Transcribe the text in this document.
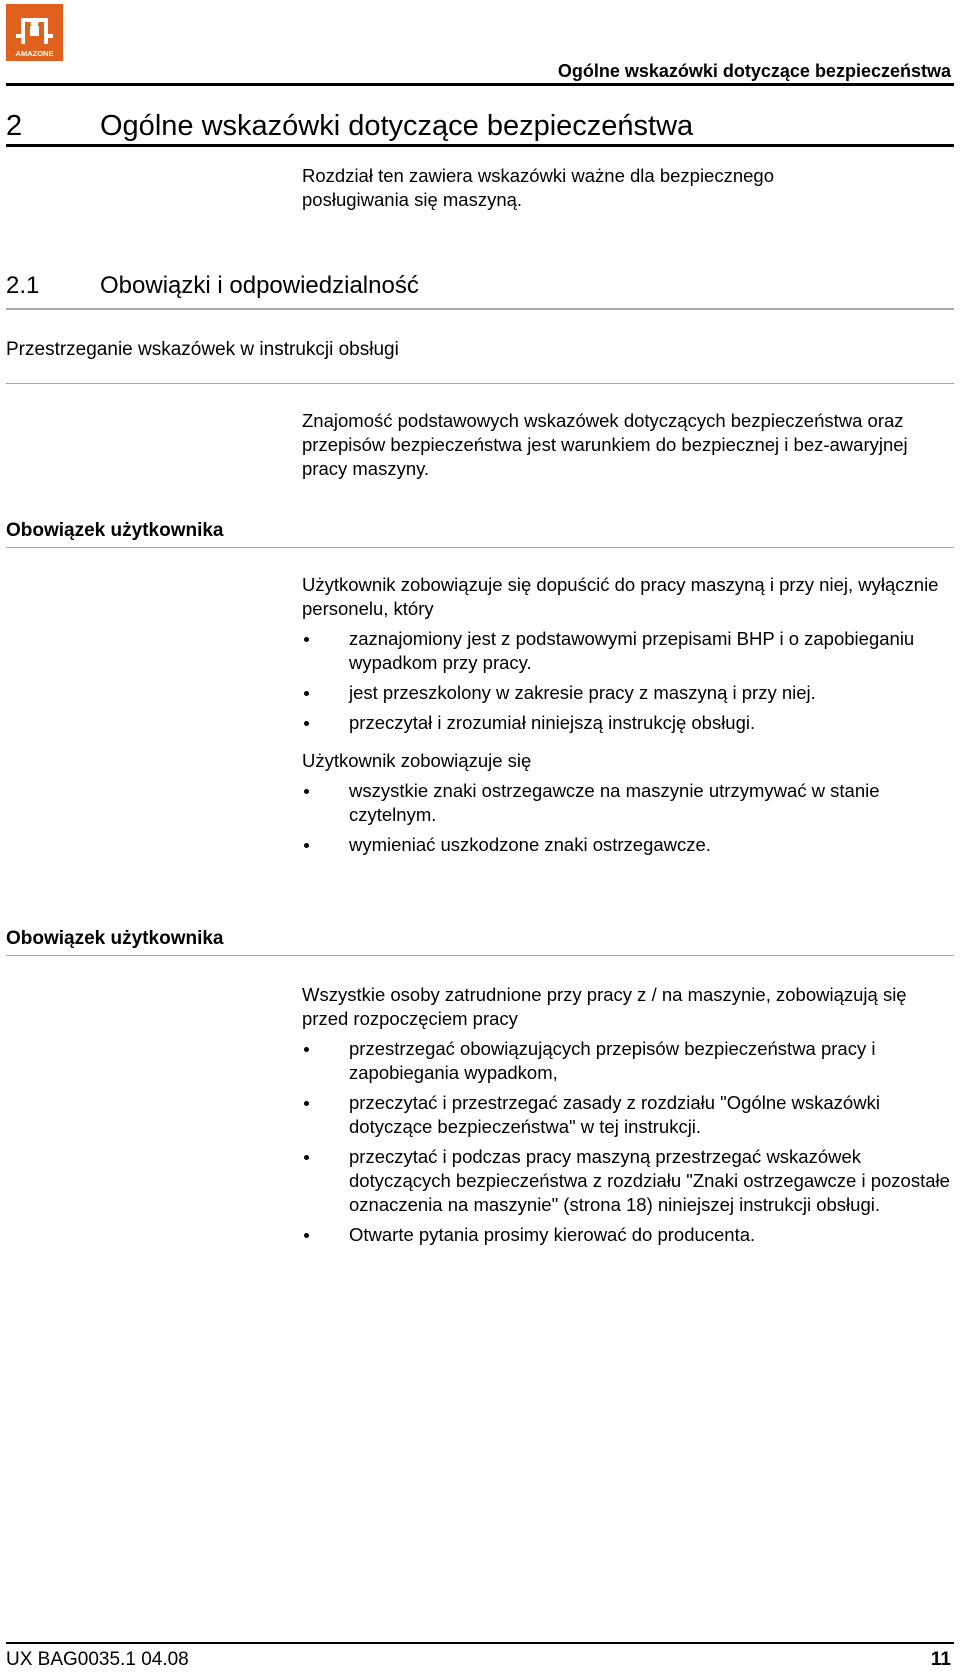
AMAZONE
Ogólne wskazówki dotyczące bezpieczeństwa
2	Ogólne wskazówki dotyczące bezpieczeństwa
Rozdział ten zawiera wskazówki ważne dla bezpiecznego posługiwania się maszyną.
2.1	Obowiązki i odpowiedzialność
Przestrzeganie wskazówek w instrukcji obsługi
Znajomość podstawowych wskazówek dotyczących bezpieczeństwa oraz przepisów bezpieczeństwa jest warunkiem do bezpiecznej i bez-awaryjnej pracy maszyny.
Obowiązek użytkownika

Użytkownik zobowiązuje się dopuścić do pracy maszyną i przy niej, wyłącznie personelu, który

zaznajomiony jest z podstawowymi przepisami BHP i o zapobieganiu wypadkom przy pracy.
jest przeszkolony w zakresie pracy z maszyną i przy niej.
przeczytał i zrozumiał niniejszą instrukcję obsługi.

Użytkownik zobowiązuje się

wszystkie znaki ostrzegawcze na maszynie utrzymywać w stanie czytelnym.
wymieniać uszkodzone znaki ostrzegawcze.
Obowiązek użytkownika

Wszystkie osoby zatrudnione przy pracy z / na maszynie, zobowiązują się przed rozpoczęciem pracy

przestrzegać obowiązujących przepisów bezpieczeństwa pracy i zapobiegania wypadkom,
przeczytać i przestrzegać zasady z rozdziału "Ogólne wskazówki dotyczące bezpieczeństwa" w tej instrukcji.
przeczytać i podczas pracy maszyną przestrzegać wskazówek dotyczących bezpieczeństwa z rozdziału "Znaki ostrzegawcze i pozostałe oznaczenia na maszynie" (strona 18) niniejszej instrukcji obsługi.
Otwarte pytania prosimy kierować do producenta.
UX BAG0035.1 04.08	11
